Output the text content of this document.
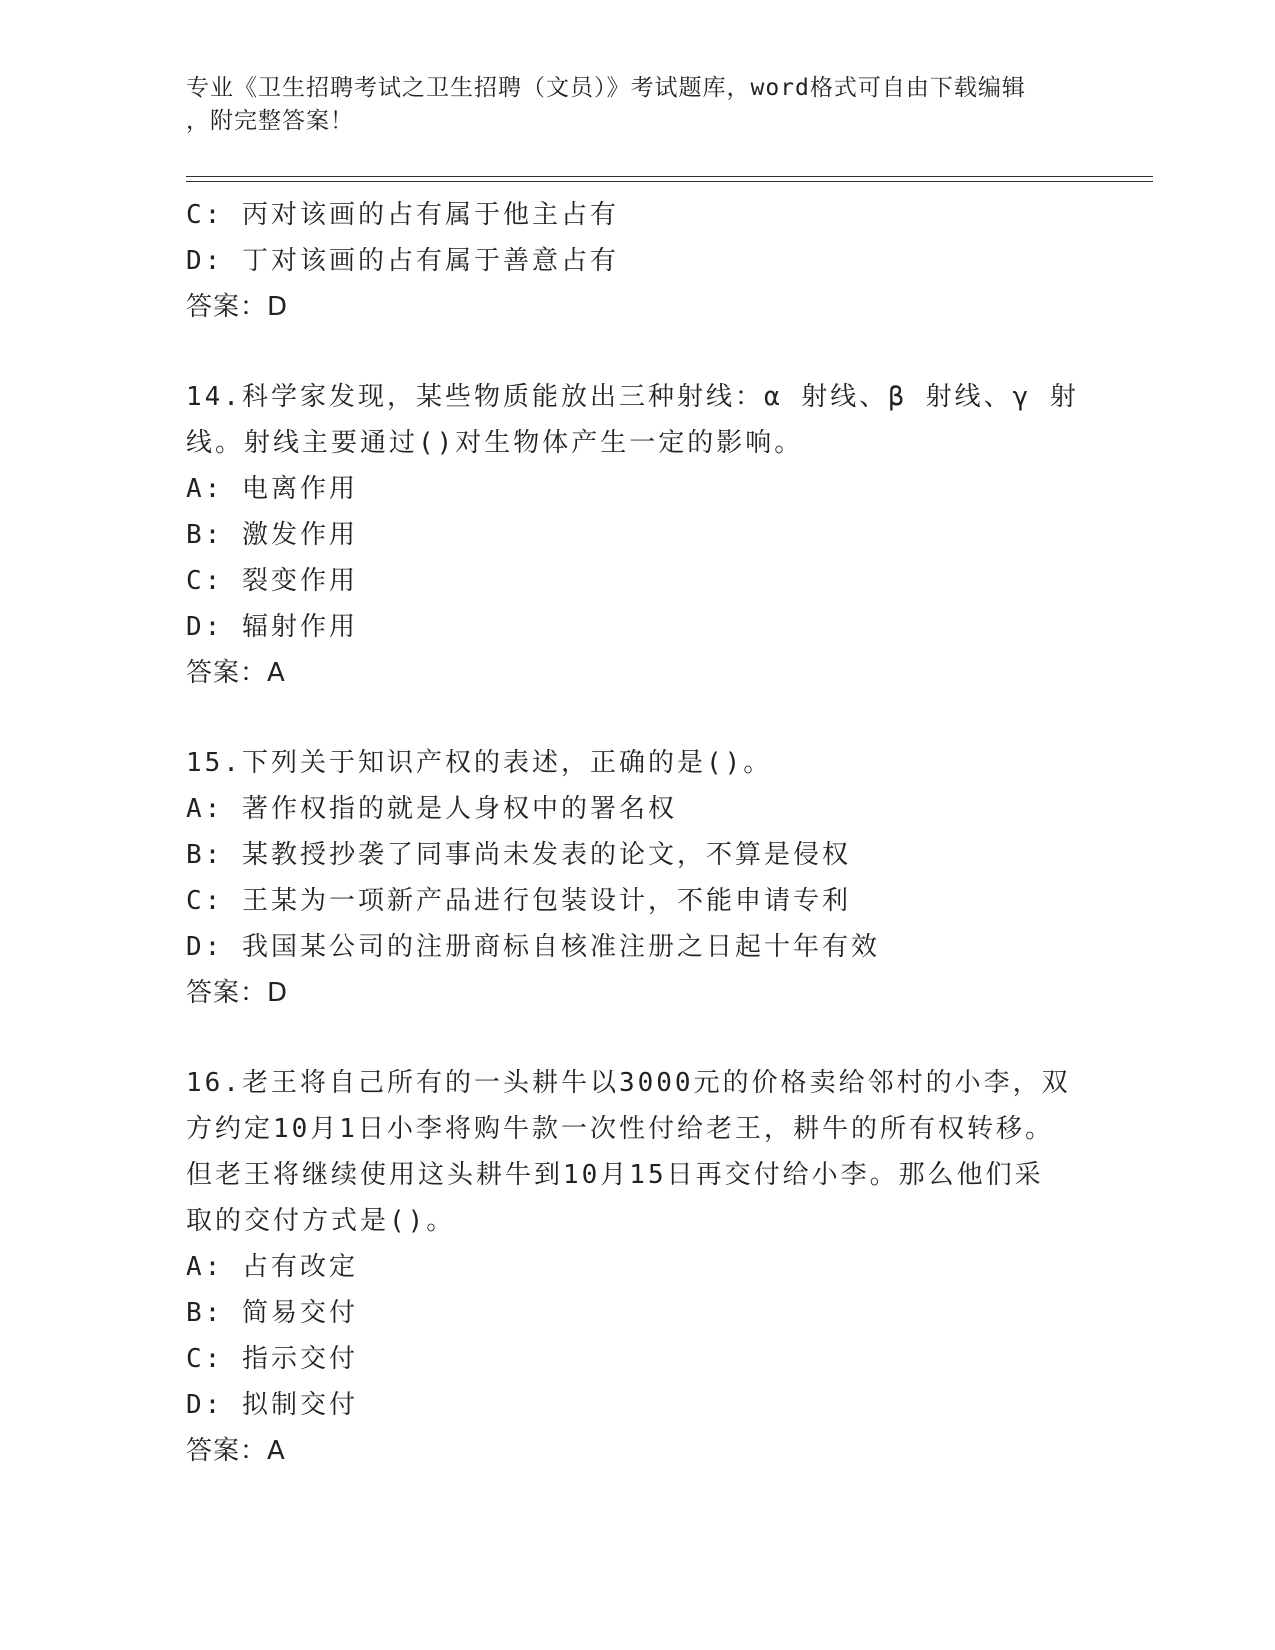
专业《卫生招聘考试之卫生招聘（文员）》考试题库，word格式可自由下载编辑
，附完整答案！
C: 丙对该画的占有属于他主占有
D: 丁对该画的占有属于善意占有
答案：D
14.科学家发现，某些物质能放出三种射线：α 射线、β 射线、γ 射
线。射线主要通过()对生物体产生一定的影响。
A: 电离作用
B: 激发作用
C: 裂变作用
D: 辐射作用
答案：A
15.下列关于知识产权的表述，正确的是()。
A: 著作权指的就是人身权中的署名权
B: 某教授抄袭了同事尚未发表的论文，不算是侵权
C: 王某为一项新产品进行包装设计，不能申请专利
D: 我国某公司的注册商标自核准注册之日起十年有效
答案：D
16.老王将自己所有的一头耕牛以3000元的价格卖给邻村的小李，双
方约定10月1日小李将购牛款一次性付给老王，耕牛的所有权转移。
但老王将继续使用这头耕牛到10月15日再交付给小李。那么他们采
取的交付方式是()。
A: 占有改定
B: 简易交付
C: 指示交付
D: 拟制交付
答案：A
